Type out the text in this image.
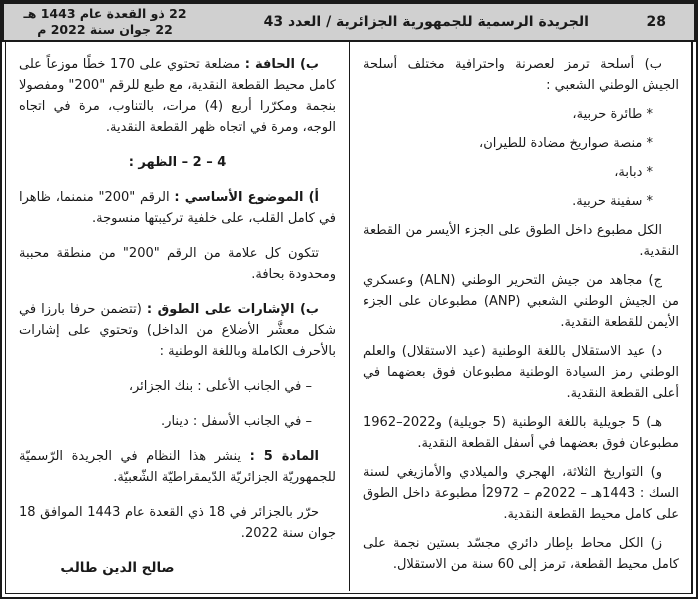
28
الجريدة الرسمية للجمهورية الجزائرية / العدد 43
22 ذو القعدة عام 1443 هـ
22 جوان سنة 2022 م

ب) أسلحة ترمز لعصرنة واحترافية مختلف أسلحة الجيش الوطني الشعبي :

* طائرة حربية،

* منصة صواريخ مضادة للطيران،

* دبابة،

* سفينة حربية.

الكل مطبوع داخل الطوق على الجزء الأيسر من القطعة النقدية.

ج) مجاهد من جيش التحرير الوطني (ALN) وعسكري من الجيش الوطني الشعبي (ANP) مطبوعان على الجزء الأيمن للقطعة النقدية.

د) عيد الاستقلال باللغة الوطنية (عيد الاستقلال) والعلم الوطني رمز السيادة الوطنية مطبوعان فوق بعضهما في أعلى القطعة النقدية.

هـ) 5 جويلية باللغة الوطنية (5 جويلية) و1962‎–‎2022 مطبوعان فوق بعضهما في أسفل القطعة النقدية.

و) التواريخ الثلاثة، الهجري والميلادي والأمازيغي لسنة السك : 1443هـ – 2022م – 2972أ مطبوعة داخل الطوق على كامل محيط القطعة النقدية.

ز) الكل محاط بإطار دائري مجسّد بستين نجمة على كامل محيط القطعة، ترمز إلى 60 سنة من الاستقلال.

ب) الحافة : مضلعة تحتوي على 170 خطًا موزعاً على كامل محيط القطعة النقدية، مع طبع للرقم "200" ومفصولا بنجمة ومكرّرا أربع (4) مرات، بالتناوب، مرة في اتجاه الوجه، ومرة في اتجاه ظهر القطعة النقدية.

4 – 2 – الظهر :

أ) الموضوع الأساسي : الرقم "200" منمنما، ظاهرا في كامل القلب، على خلفية تركيبتها منسوجة.

تتكون كل علامة من الرقم "200" من منطقة محببة ومحدودة بحافة.

ب) الإشارات على الطوق : (تتضمن حرفا بارزا في شكل معشَّر الأضلاع من الداخل) وتحتوي على إشارات بالأحرف الكاملة وباللغة الوطنية :

– في الجانب الأعلى : بنك الجزائر،

– في الجانب الأسفل : دينار.

المادة 5 : ينشر هذا النظام في الجريدة الرّسميّة للجمهوريّة الجزائريّة الدّيمقراطيّة الشّعبيّة.

حرّر بالجزائر في 18 ذي القعدة عام 1443 الموافق 18 جوان سنة 2022.

صالح الدين طالب
